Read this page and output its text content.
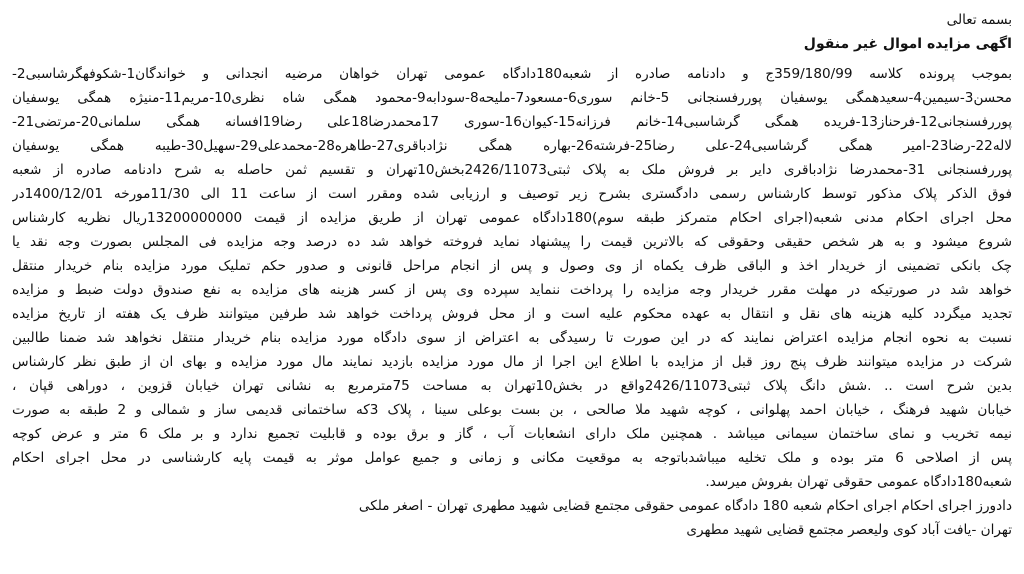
بسمه تعالی
اگهی مزایده اموال غیر منقول
بموجب پرونده کلاسه 359/180/99ج و دادنامه صادره از شعبه180دادگاه عمومی تهران خواهان مرضیه انجدانی و خواندگان1-شکوفهگرشاسبی2-
محسن3-سیمین4-سعیدهمگی یوسفیان پوررفسنجانی 5-خانم سوری6-مسعود7-ملیحه8-سودابه9-محمود همگی شاه نظری10-مریم11-منیژه همگی یوسفیان
پوررفسنجانی12-فرحناز13-فریده همگی گرشاسبی14-خانم فرزانه15-کیوان16-سوری 17محمدرضا18علی رضا19افسانه همگی سلمانی20-مرتضی21-
لاله22-رضا23-امیر همگی گرشاسبی24-علی رضا25-فرشته26-بهاره همگی نژادباقری27-طاهره28-محمدعلی29-سهیل30-طیبه همگی یوسفیان
پوررفسنجانی 31-محمدرضا نژادباقری دایر بر فروش ملک به پلاک ثبتی2426/11073بخش10تهران و تقسیم ثمن حاصله به شرح دادنامه صادره از شعبه
فوق الذکر پلاک مذکور توسط کارشناس رسمی دادگستری بشرح زیر توصیف و ارزیابی شده ومقرر است از ساعت 11 الی 11/30مورخه 1400/12/01در
محل اجرای احکام مدنی شعبه(اجرای احکام متمرکز طبقه سوم)180دادگاه عمومی تهران از طریق مزایده از قیمت 13200000000ریال نظریه کارشناس
شروع میشود و به هر شخص حقیقی وحقوقی که بالاترین قیمت را پیشنهاد نماید فروخته خواهد شد ده درصد وجه مزایده فی المجلس بصورت وجه نقد یا
چک بانکی تضمینی از خریدار اخذ و الباقی ظرف یکماه از وی وصول و پس از انجام مراحل قانونی و صدور حکم تملیک مورد مزایده بنام خریدار منتقل
خواهد شد در صورتیکه در مهلت مقرر خریدار وجه مزایده را پرداخت ننماید سپرده وی پس از کسر هزینه های مزایده به نفع صندوق دولت ضبط و مزایده
تجدید میگردد کلیه هزینه های نقل و انتقال به عهده محکوم علیه است و از محل فروش پرداخت خواهد شد طرفین میتوانند ظرف یک هفته از تاریخ مزایده
نسبت به نحوه انجام مزایده اعتراض نمایند که در این صورت تا رسیدگی به اعتراض از سوی دادگاه مورد مزایده بنام خریدار منتقل نخواهد شد ضمنا طالبین
شرکت در مزایده میتوانند ظرف پنج روز قبل از مزایده با اطلاع این اجرا از مال مورد مزایده بازدید نمایند مال مورد مزایده و بهای ان از طبق نظر کارشناس
بدین شرح است .. .شش دانگ پلاک ثبتی2426/11073واقع در بخش10تهران به مساحت 75مترمربع به نشانی تهران خیابان قزوین ، دوراهی قپان ،
خیابان شهید فرهنگ ، خیابان احمد پهلوانی ، کوچه شهید ملا صالحی ، بن بست بوعلی سینا ، پلاک 3که ساختمانی قدیمی ساز و شمالی و 2 طبقه به صورت
نیمه تخریب و نمای ساختمان سیمانی میباشد . همچنین ملک دارای انشعابات آب ، گاز و برق بوده و قابلیت تجمیع ندارد و بر ملک 6 متر و عرض کوچه
پس از اصلاحی 6 متر بوده و ملک تخلیه میباشدباتوجه به موقعیت مکانی و زمانی و جمیع عوامل موثر به قیمت پایه کارشناسی در محل اجرای احکام
شعبه180دادگاه عمومی حقوقی تهران بفروش میرسد.
دادورز اجرای احکام اجرای احکام شعبه 180 دادگاه عمومی حقوقی مجتمع قضایی شهید مطهری تهران - اصغر ملکی
تهران -یافت آباد کوی ولیعصر مجتمع قضایی شهید مطهری
